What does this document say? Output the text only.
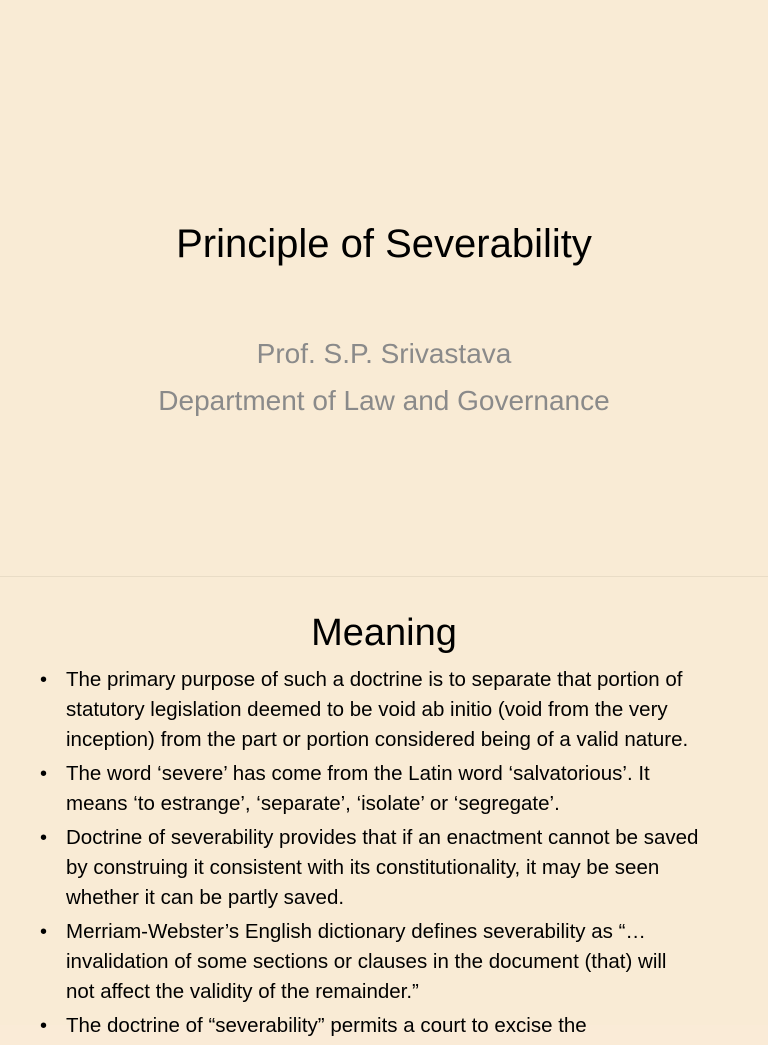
Principle of Severability
Prof. S.P. Srivastava
Department of Law and Governance
Meaning
• The primary purpose of such a doctrine is to separate that portion of
statutory legislation deemed to be void ab initio (void from the very
inception) from the part or portion considered being of a valid nature.
• The word ‘severe’ has come from the Latin word ‘salvatorious’. It
means ‘to estrange’, ‘separate’, ‘isolate’ or ‘segregate’.
• Doctrine of severability provides that if an enactment cannot be saved
by construing it consistent with its constitutionality, it may be seen
whether it can be partly saved.
• Merriam-Webster’s English dictionary defines severability as “…
invalidation of some sections or clauses in the document (that) will
not affect the validity of the remainder.”
• The doctrine of “severability” permits a court to excise the
